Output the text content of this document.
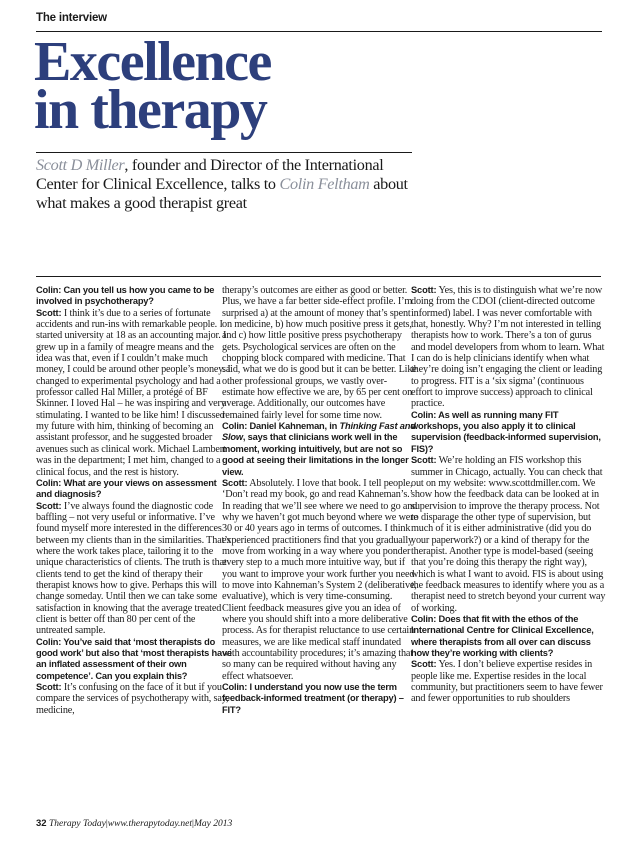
The interview
Excellence
in therapy

Scott D Miller, founder and Director of the International Center for Clinical Excellence, talks to Colin Feltham about what makes a good therapist great

Colin: Can you tell us how you came to be involved in psychotherapy?
Scott: I think it’s due to a series of fortunate accidents and run-ins with remarkable people. I started university at 18 as an accounting major. I grew up in a family of meagre means and the idea was that, even if I couldn’t make much money, I could be around other people’s money. I changed to experimental psychology and had a professor called Hal Miller, a protégé of BF Skinner. I loved Hal – he was inspiring and very stimulating. I wanted to be like him! I discussed my future with him, thinking of becoming an assistant professor, and he suggested broader avenues such as clinical work. Michael Lambert was in the department; I met him, changed to a clinical focus, and the rest is history.
Colin: What are your views on assessment and diagnosis?
Scott: I’ve always found the diagnostic code baffling – not very useful or informative. I’ve found myself more interested in the differences between my clients than in the similarities. That’s where the work takes place, tailoring it to the unique characteristics of clients. The truth is that clients tend to get the kind of therapy their therapist knows how to give. Perhaps this will change someday. Until then we can take some satisfaction in knowing that the average treated client is better off than 80 per cent of the untreated sample.
Colin: You’ve said that ‘most therapists do good work’ but also that ‘most therapists have an inflated assessment of their own competence’. Can you explain this?
Scott: It’s confusing on the face of it but if you compare the services of psychotherapy with, say, medicine,
therapy’s outcomes are either as good or better. Plus, we have a far better side-effect profile. I’m surprised a) at the amount of money that’s spent on medicine, b) how much positive press it gets, and c) how little positive press psychotherapy gets. Psychological services are often on the chopping block compared with medicine. That said, what we do is good but it can be better. Like other professional groups, we vastly over-estimate how effective we are, by 65 per cent on average. Additionally, our outcomes have remained fairly level for some time now.
Colin: Daniel Kahneman, in Thinking Fast and Slow, says that clinicians work well in the moment, working intuitively, but are not so good at seeing their limitations in the longer view.
Scott: Absolutely. I love that book. I tell people, ‘Don’t read my book, go and read Kahneman’s.’ In reading that we’ll see where we need to go and why we haven’t got much beyond where we were 30 or 40 years ago in terms of outcomes. I think experienced practitioners find that you gradually move from working in a way where you ponder every step to a much more intuitive way, but if you want to improve your work further you need to move into Kahneman’s System 2 (deliberative, evaluative), which is very time-consuming. Client feedback measures give you an idea of where you should shift into a more deliberative process. As for therapist reluctance to use certain measures, we are like medical staff inundated with accountability procedures; it’s amazing that so many can be required without having any effect whatsoever.
Colin: I understand you now use the term feedback-informed treatment (or therapy) – FIT?
Scott: Yes, this is to distinguish what we’re now doing from the CDOI (client-directed outcome informed) label. I was never comfortable with that, honestly. Why? I’m not interested in telling therapists how to work. There’s a ton of gurus and model developers from whom to learn. What I can do is help clinicians identify when what they’re doing isn’t engaging the client or leading to progress. FIT is a ‘six sigma’ (continuous effort to improve success) approach to clinical practice.
Colin: As well as running many FIT workshops, you also apply it to clinical supervision (feedback-informed supervision, FIS)?
Scott: We’re holding an FIS workshop this summer in Chicago, actually. You can check that out on my website: www.scottdmiller.com. We show how the feedback data can be looked at in supervision to improve the therapy process. Not to disparage the other type of supervision, but much of it is either administrative (did you do your paperwork?) or a kind of therapy for the therapist. Another type is model-based (seeing that you’re doing this therapy the right way), which is what I want to avoid. FIS is about using the feedback measures to identify where you as a therapist need to stretch beyond your current way of working.
Colin: Does that fit with the ethos of the International Centre for Clinical Excellence, where therapists from all over can discuss how they’re working with clients?
Scott: Yes. I don’t believe expertise resides in people like me. Expertise resides in the local community, but practitioners seem to have fewer and fewer opportunities to rub shoulders
32 Therapy Today|www.therapytoday.net|May 2013
